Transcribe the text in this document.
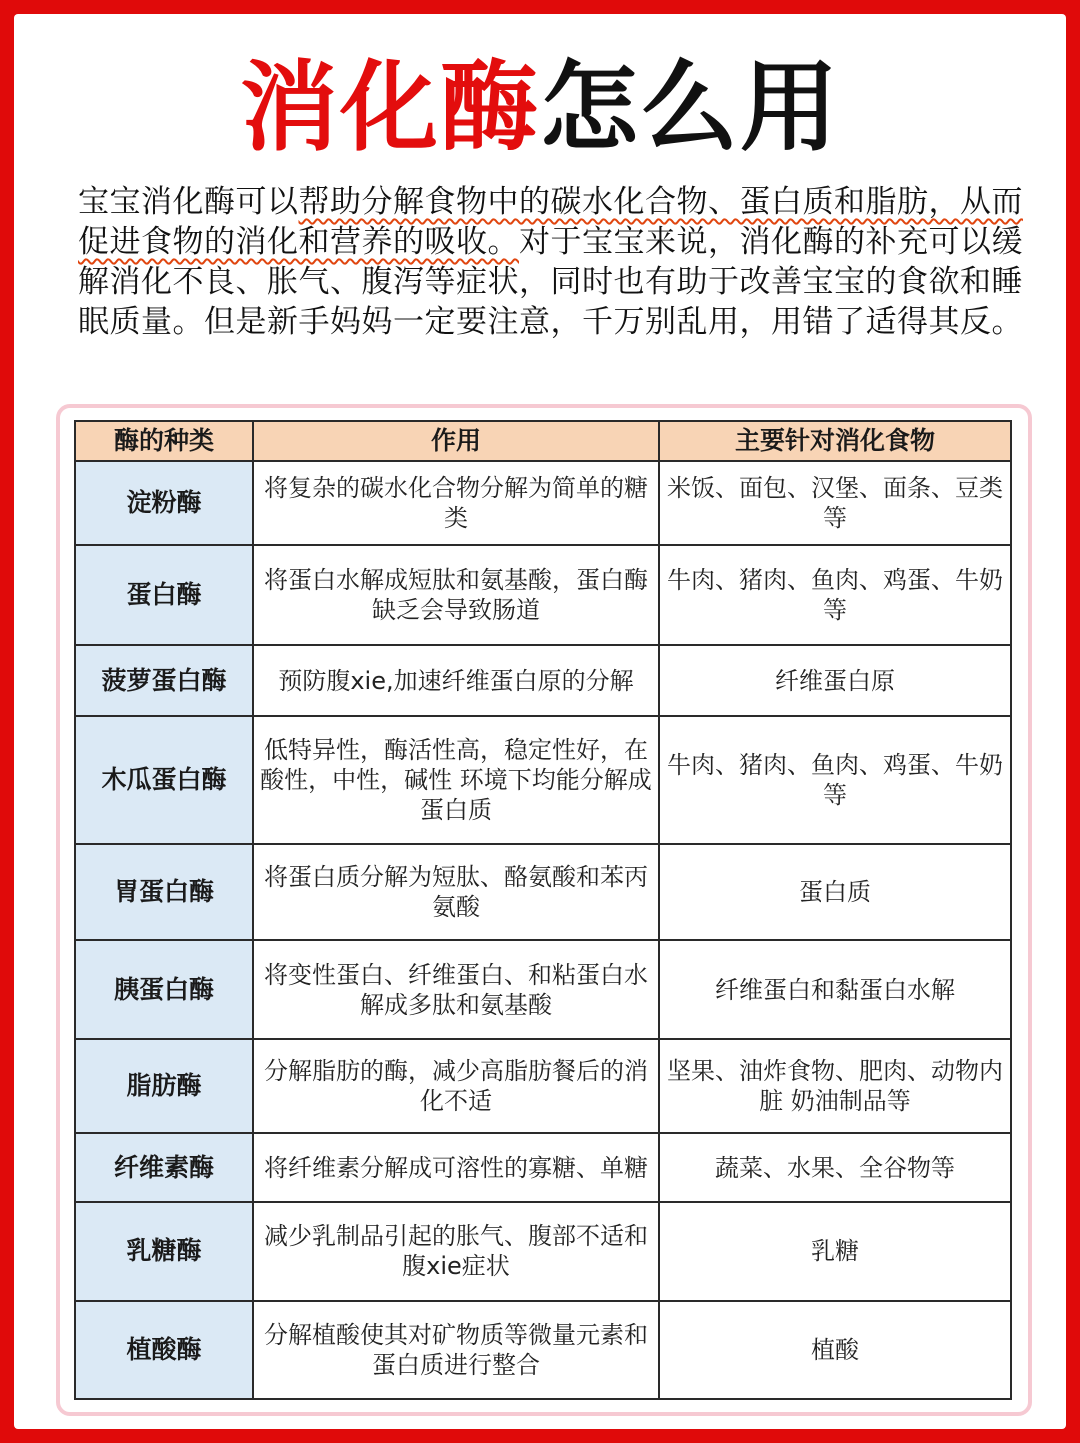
消化酶怎么用
宝宝消化酶可以帮助分解食物中的碳水化合物、蛋白质和脂肪，从而促进食物的消化和营养的吸收。对于宝宝来说，消化酶的补充可以缓解消化不良、胀气、腹泻等症状，同时也有助于改善宝宝的食欲和睡眠质量。但是新手妈妈一定要注意，千万别乱用，用错了适得其反。
酶的种类	作用	主要针对消化食物
淀粉酶	将复杂的碳水化合物分解为简单的糖类	米饭、面包、汉堡、面条、豆类等
蛋白酶	将蛋白水解成短肽和氨基酸，蛋白酶缺乏会导致肠道	牛肉、猪肉、鱼肉、鸡蛋、牛奶等
菠萝蛋白酶	预防腹xie,加速纤维蛋白原的分解	纤维蛋白原
木瓜蛋白酶	低特异性，酶活性高，稳定性好，在酸性，中性，碱性 环境下均能分解成蛋白质	牛肉、猪肉、鱼肉、鸡蛋、牛奶等
胃蛋白酶	将蛋白质分解为短肽、酪氨酸和苯丙氨酸	蛋白质
胰蛋白酶	将变性蛋白、纤维蛋白、和粘蛋白水解成多肽和氨基酸	纤维蛋白和黏蛋白水解
脂肪酶	分解脂肪的酶，减少高脂肪餐后的消化不适	坚果、油炸食物、肥肉、动物内脏 奶油制品等
纤维素酶	将纤维素分解成可溶性的寡糖、单糖	蔬菜、水果、全谷物等
乳糖酶	减少乳制品引起的胀气、腹部不适和腹xie症状	乳糖
植酸酶	分解植酸使其对矿物质等微量元素和蛋白质进行整合	植酸
